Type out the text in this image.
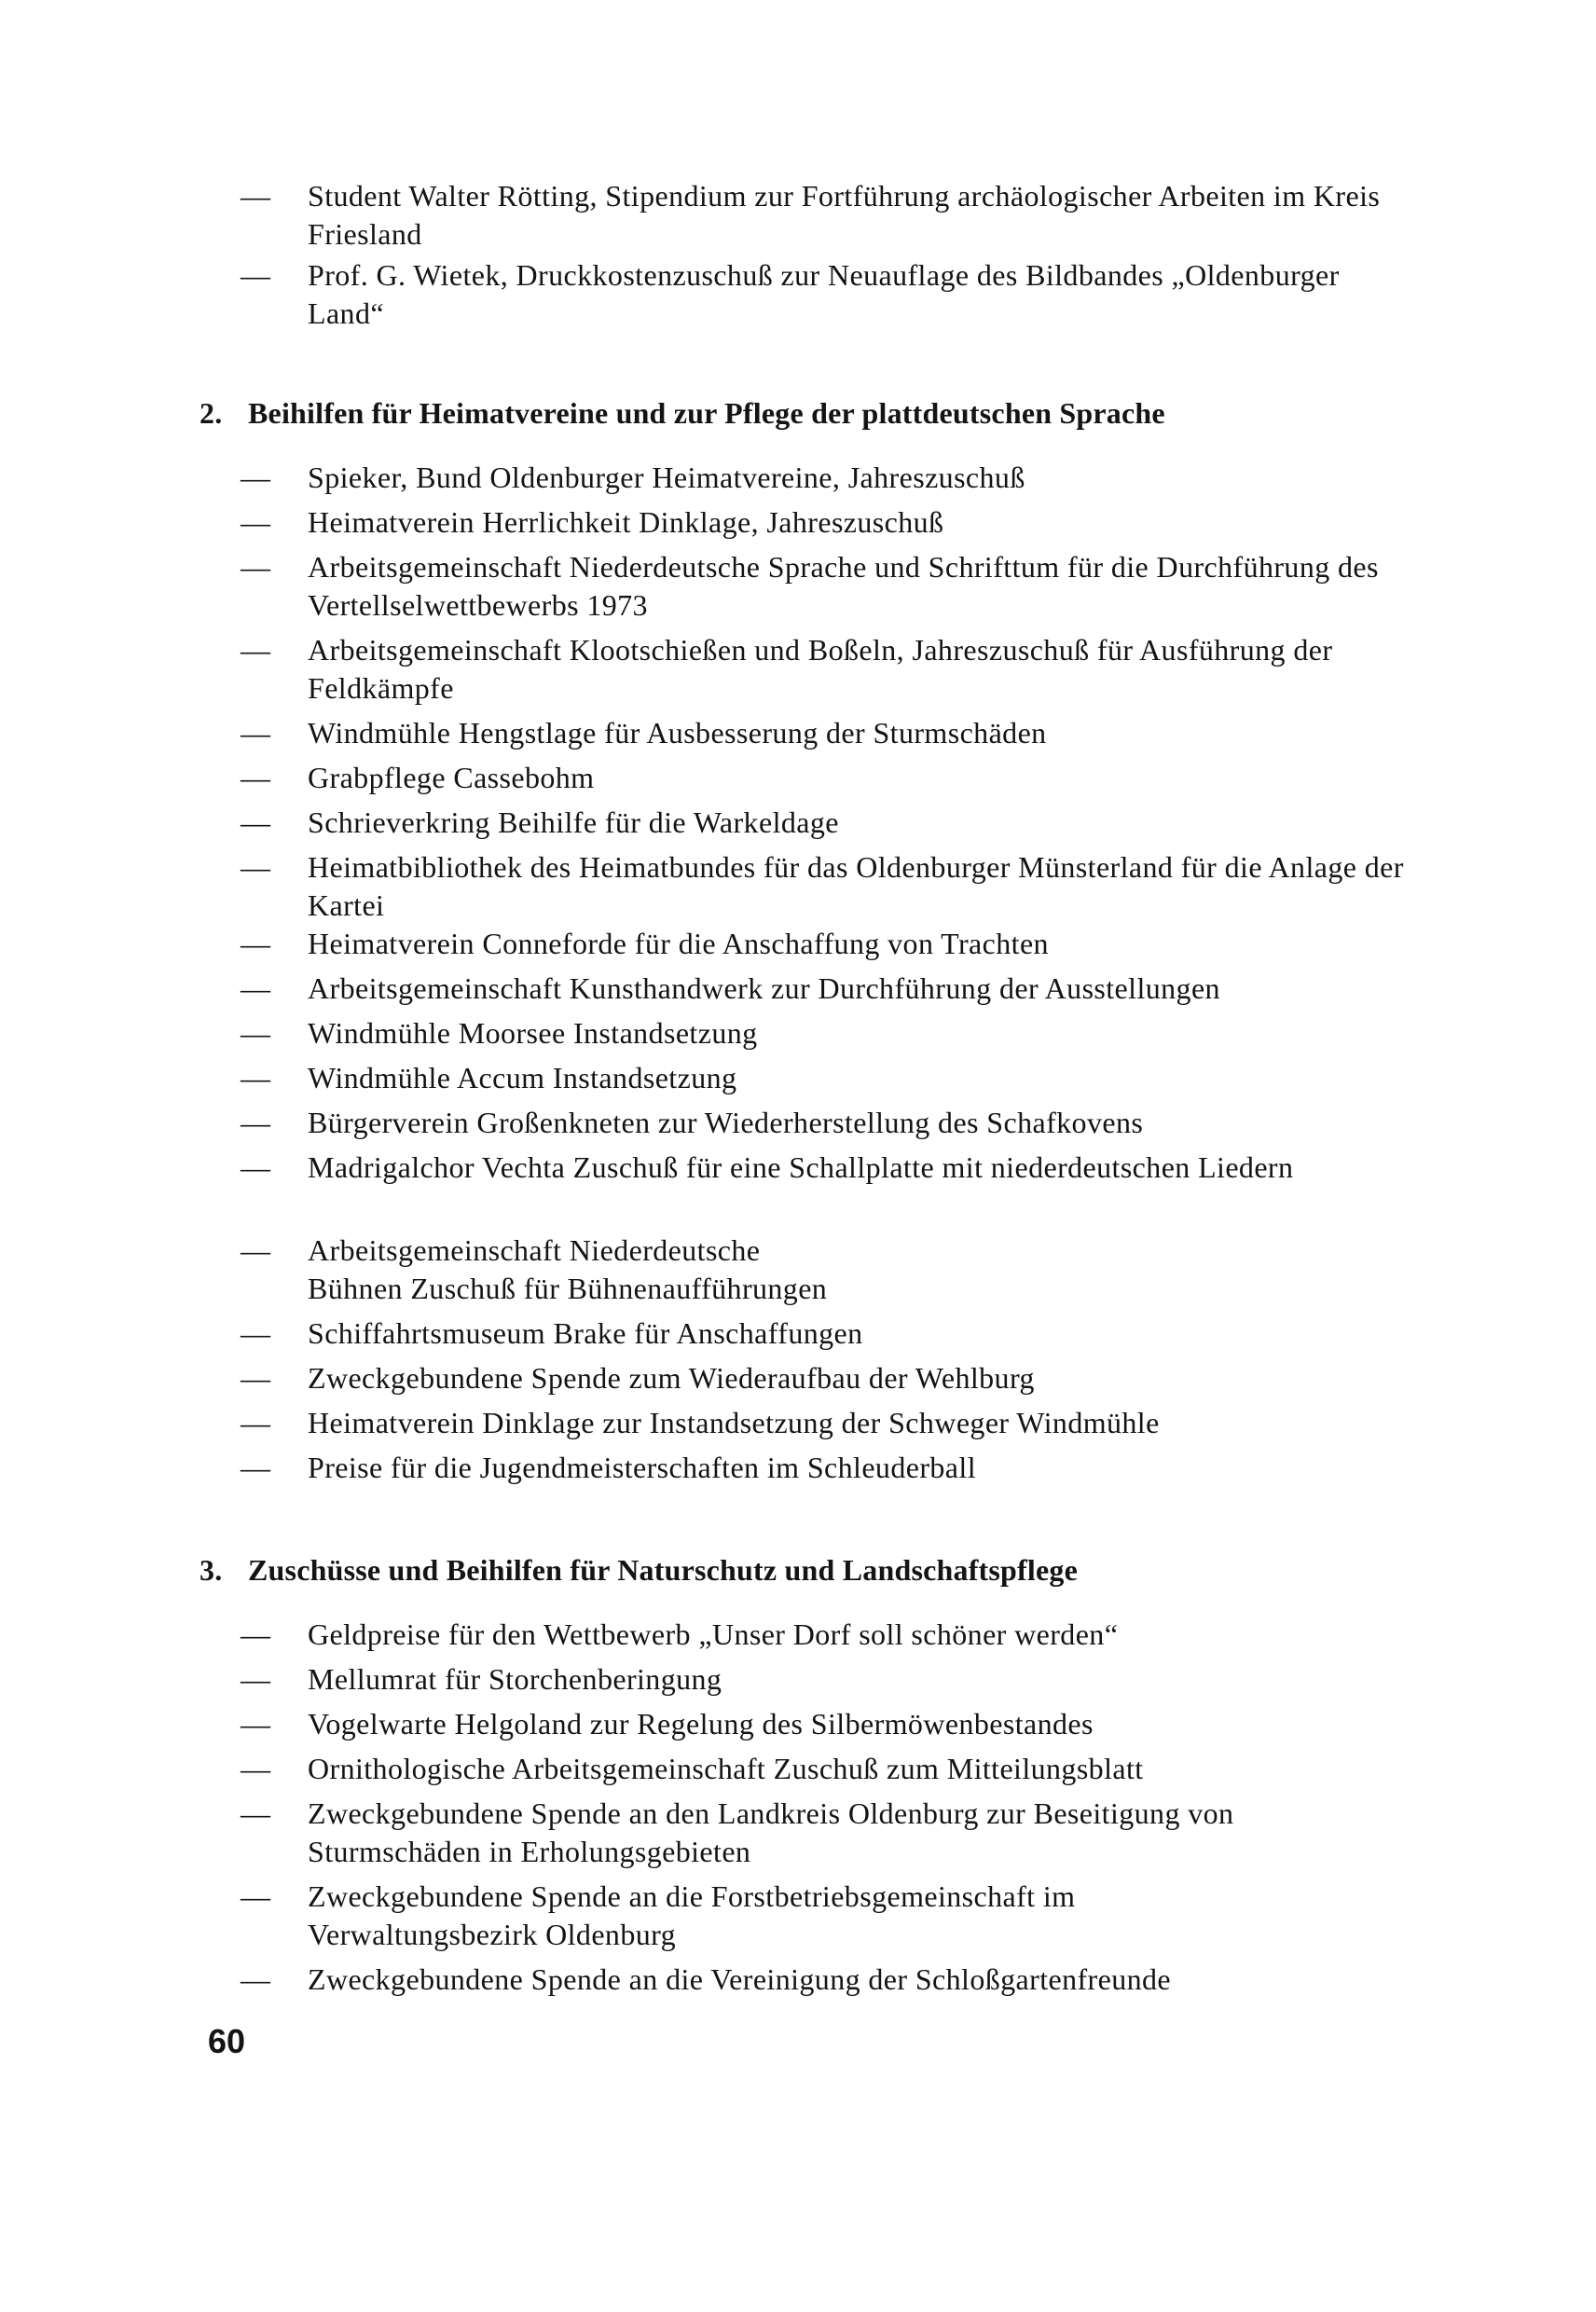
— Student Walter Rötting, Stipendium zur Fortführung archäologischer Arbeiten im Kreis Friesland
— Prof. G. Wietek, Druckkostenzuschuß zur Neuauflage des Bildbandes „Oldenburger Land“
2. Beihilfen für Heimatvereine und zur Pflege der plattdeutschen Sprache
— Spieker, Bund Oldenburger Heimatvereine, Jahreszuschuß
— Heimatverein Herrlichkeit Dinklage, Jahreszuschuß
— Arbeitsgemeinschaft Niederdeutsche Sprache und Schrifttum für die Durchführung des Vertellselwettbewerbs 1973
— Arbeitsgemeinschaft Klootschießen und Boßeln, Jahreszuschuß für Ausführung der Feldkämpfe
— Windmühle Hengstlage für Ausbesserung der Sturmschäden
— Grabpflege Cassebohm
— Schrieverkring Beihilfe für die Warkeldage
— Heimatbibliothek des Heimatbundes für das Oldenburger Münsterland für die Anlage der Kartei
— Heimatverein Conneforde für die Anschaffung von Trachten
— Arbeitsgemeinschaft Kunsthandwerk zur Durchführung der Ausstellungen
— Windmühle Moorsee Instandsetzung
— Windmühle Accum Instandsetzung
— Bürgerverein Großenkneten zur Wiederherstellung des Schafkovens
— Madrigalchor Vechta Zuschuß für eine Schallplatte mit niederdeutschen Liedern
— Arbeitsgemeinschaft Niederdeutsche Bühnen Zuschuß für Bühnenaufführungen
— Schiffahrtsmuseum Brake für Anschaffungen
— Zweckgebundene Spende zum Wiederaufbau der Wehlburg
— Heimatverein Dinklage zur Instandsetzung der Schweger Windmühle
— Preise für die Jugendmeisterschaften im Schleuderball
3. Zuschüsse und Beihilfen für Naturschutz und Landschaftspflege
— Geldpreise für den Wettbewerb „Unser Dorf soll schöner werden“
— Mellumrat für Storchenberingung
— Vogelwarte Helgoland zur Regelung des Silbermöwenbestandes
— Ornithologische Arbeitsgemeinschaft Zuschuß zum Mitteilungsblatt
— Zweckgebundene Spende an den Landkreis Oldenburg zur Beseitigung von Sturmschäden in Erholungsgebieten
— Zweckgebundene Spende an die Forstbetriebsgemeinschaft im Verwaltungsbezirk Oldenburg
— Zweckgebundene Spende an die Vereinigung der Schloßgartenfreunde
60
